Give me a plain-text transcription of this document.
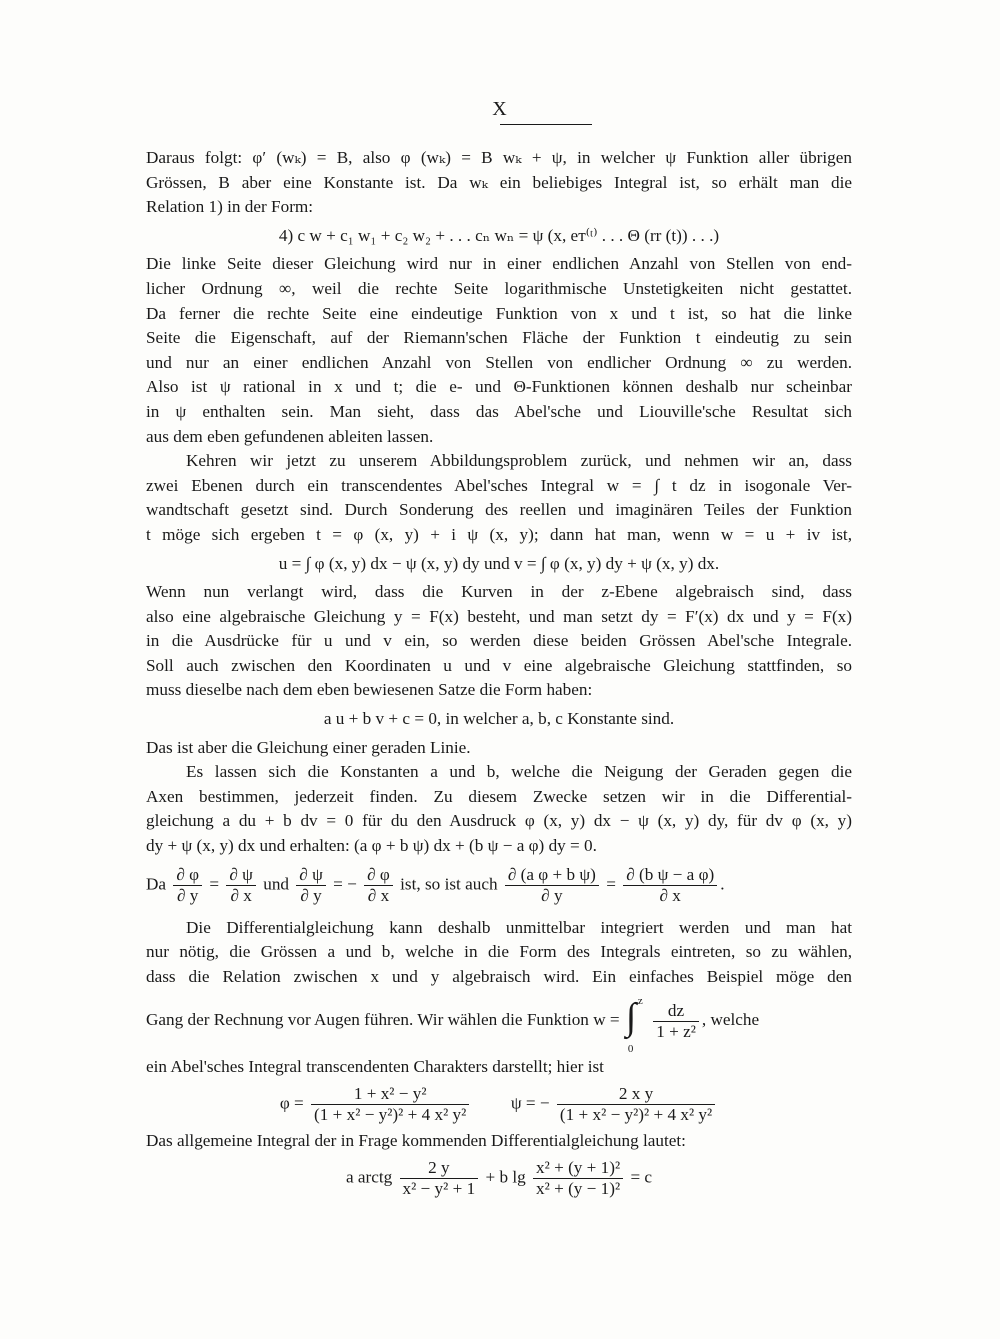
X
Daraus folgt: φ′ (wₖ) = B, also φ (wₖ) = B wₖ + ψ, in welcher ψ Funktion aller übrigen
Grössen, B aber eine Konstante ist. Da wₖ ein beliebiges Integral ist, so erhält man die
Relation 1) in der Form:
4) c w + c₁ w₁ + c₂ w₂ + . . . cₙ wₙ = ψ (x, eᴛ⁽ᵗ⁾ . . . Θ (rr (t)) . . .)
Die linke Seite dieser Gleichung wird nur in einer endlichen Anzahl von Stellen von end-
licher Ordnung ∞, weil die rechte Seite logarithmische Unstetigkeiten nicht gestattet.
Da ferner die rechte Seite eine eindeutige Funktion von x und t ist, so hat die linke
Seite die Eigenschaft, auf der Riemann'schen Fläche der Funktion t eindeutig zu sein
und nur an einer endlichen Anzahl von Stellen von endlicher Ordnung ∞ zu werden.
Also ist ψ rational in x und t; die e- und Θ-Funktionen können deshalb nur scheinbar
in ψ enthalten sein. Man sieht, dass das Abel'sche und Liouville'sche Resultat sich
aus dem eben gefundenen ableiten lassen.
Kehren wir jetzt zu unserem Abbildungsproblem zurück, und nehmen wir an, dass
zwei Ebenen durch ein transcendentes Abel'sches Integral w = ∫ t dz in isogonale Ver-
wandtschaft gesetzt sind. Durch Sonderung des reellen und imaginären Teiles der Funktion
t möge sich ergeben t = φ (x, y) + i ψ (x, y); dann hat man, wenn w = u + iv ist,
u = ∫ φ (x, y) dx − ψ (x, y) dy und v = ∫ φ (x, y) dy + ψ (x, y) dx.
Wenn nun verlangt wird, dass die Kurven in der z-Ebene algebraisch sind, dass
also eine algebraische Gleichung y = F(x) besteht, und man setzt dy = F′(x) dx und y = F(x)
in die Ausdrücke für u und v ein, so werden diese beiden Grössen Abel'sche Integrale.
Soll auch zwischen den Koordinaten u und v eine algebraische Gleichung stattfinden, so
muss dieselbe nach dem eben bewiesenen Satze die Form haben:
a u + b v + c = 0, in welcher a, b, c Konstante sind.
Das ist aber die Gleichung einer geraden Linie.
Es lassen sich die Konstanten a und b, welche die Neigung der Geraden gegen die
Axen bestimmen, jederzeit finden. Zu diesem Zwecke setzen wir in die Differential-
gleichung a du + b dv = 0 für du den Ausdruck φ (x, y) dx − ψ (x, y) dy, für dv φ (x, y)
dy + ψ (x, y) dx und erhalten: (a φ + b ψ) dx + (b ψ − a φ) dy = 0.
Da $\frac{\partial \varphi}{\partial y} = \frac{\partial \psi}{\partial x}$ und $\frac{\partial \psi}{\partial y}$ = − $\frac{\partial \varphi}{\partial x}$ ist, so ist auch $\frac{\text{∂ (a φ + b ψ)}}{\partial y} = \frac{\text{∂ (b ψ − a φ)}}{\partial x}$ .
Die Differentialgleichung kann deshalb unmittelbar integriert werden und man hat
nur nötig, die Grössen a und b, welche in die Form des Integrals eintreten, so zu wählen,
dass die Relation zwischen x und y algebraisch wird. Ein einfaches Beispiel möge den
Gang der Rechnung vor Augen führen. Wir wählen die Funktion w =
z
∫
0

$\frac{dz}{\text{1 + z²}}$ , welche
ein Abel'sches Integral transcendenten Charakters darstellt; hier ist
$\varphi = \frac{\text{1 + x² − y²}}{\text{(1 + x² − y²)² + 4 x² y²}}$ ψ = − $\frac{\text{2 x y}}{\text{(1 + x² − y²)² + 4 x² y²}}$
Das allgemeine Integral der in Frage kommenden Differentialgleichung lautet:
a arctg $\frac{2 y}{\text{x² − y² + 1}} + b$ $\lg \frac{\text{x² + (y + 1)²}}{\text{x² + (y − 1)²}} = c$
